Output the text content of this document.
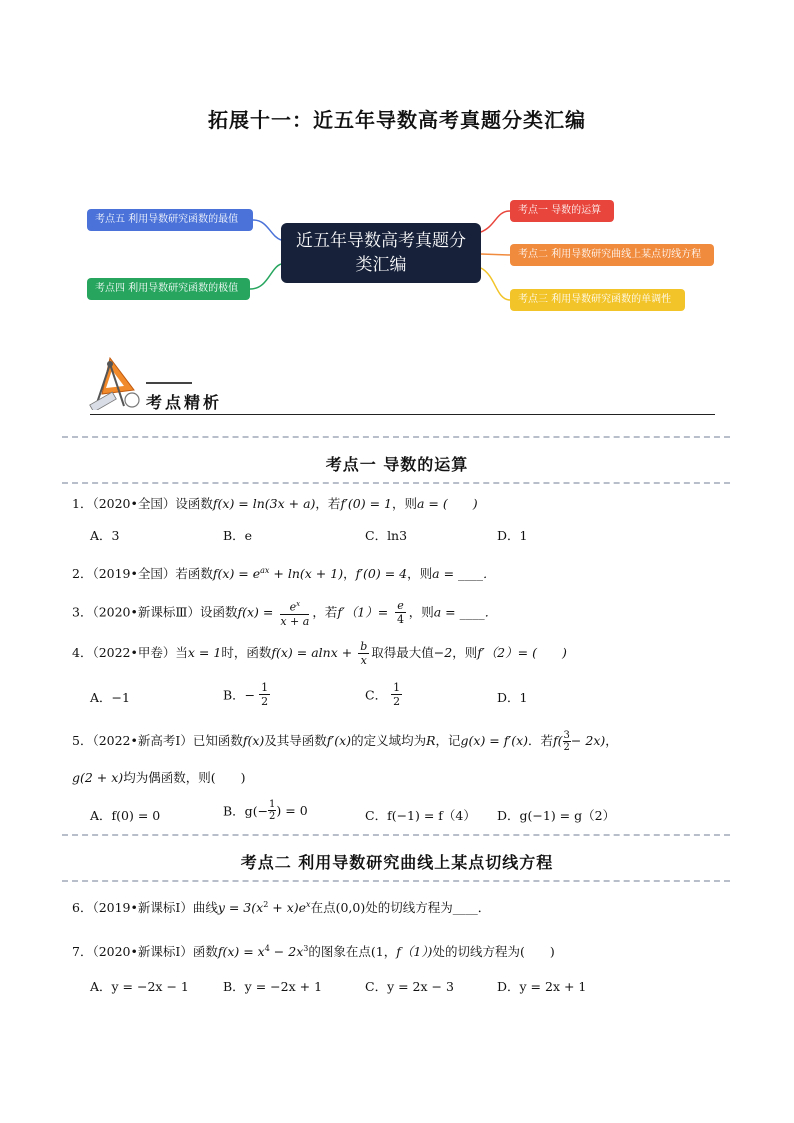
拓展十一：近五年导数高考真题分类汇编
近五年导数高考真题分类汇编
考点五 利用导数研究函数的最值
考点四 利用导数研究函数的极值
考点一 导数的运算
考点二 利用导数研究曲线上某点切线方程
考点三 利用导数研究函数的单调性
考点精析
考点一 导数的运算
1．（2020•全国）设函数f(x) = ln(3x + a)，若f′(0) = 1，则a = (　　)
A．3	B．e	C．ln3	D．1
2．（2019•全国）若函数$f(x) = e^{ax} + \ln(x + 1)$，f′(0) = 4，则a = ____．
3．（2020•新课标Ⅲ）设函数$f(x) = \frac{e^x}{x + a}$ ，若$f'(1)= \frac{e}{4}$ ，则a = ____．
4．（2022•甲卷）当x = 1时，函数$f(x) = alnx + \frac{b}{x}$ 取得最大值−2，则f′（2）= (　　)
A．−1	B．− $\frac{1}{2}$	C． $\frac{1}{2}$	D．1
5．（2022•新高考Ⅰ）已知函数f(x)及其导函数f′(x)的定义域均为R，记g(x) = f′(x)．若$f( \frac{3}{2} - 2x)$，
g(2 + x)均为偶函数，则(　　)
A．f(0) = 0	B．$g(- \frac{1}{2}$ ) = 0	C．f(−1) = f（4） D．g(−1) = g（2）
考点二 利用导数研究曲线上某点切线方程
6．（2019•新课标Ⅰ）曲线$y = 3(x^2 + x)e^x$在点(0,0)处的切线方程为____．
7．（2020•新课标Ⅰ）函数$f(x) = x^4 - 2x^3$的图象在点(1，f（1）)处的切线方程为(　　)
A．y = −2x − 1	B．y = −2x + 1	C．y = 2x − 3	D．y = 2x + 1
